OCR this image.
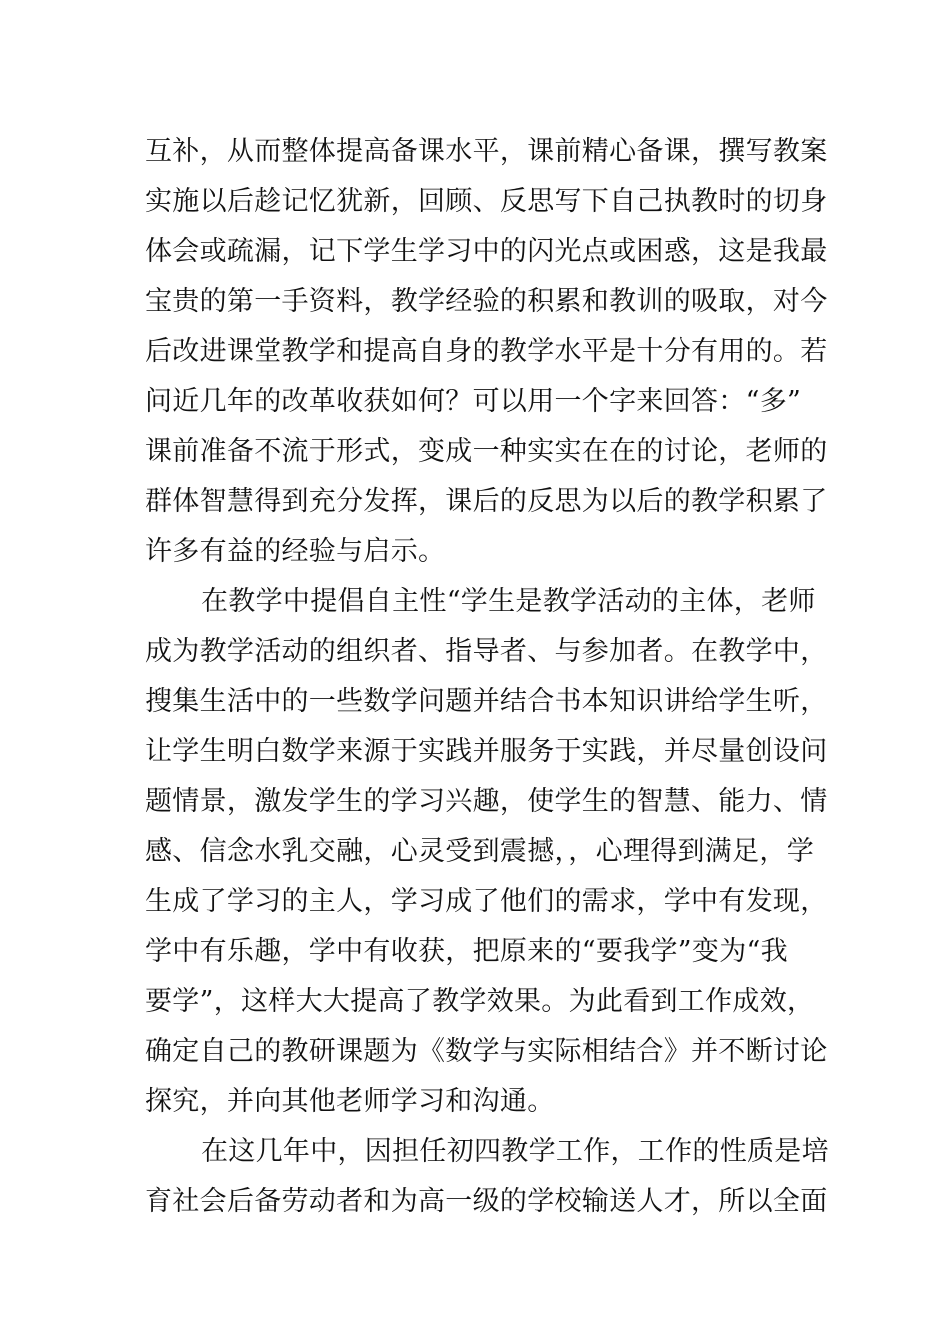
互补，从而整体提高备课水平，课前精心备课，撰写教案
实施以后趁记忆犹新，回顾、反思写下自己执教时的切身
体会或疏漏，记下学生学习中的闪光点或困惑，这是我最
宝贵的第一手资料，教学经验的积累和教训的吸取，对今
后改进课堂教学和提高自身的教学水平是十分有用的。若
问近几年的改革收获如何？可以用一个字来回答：“多”
课前准备不流于形式，变成一种实实在在的讨论，老师的
群体智慧得到充分发挥，课后的反思为以后的教学积累了
许多有益的经验与启示。
在教学中提倡自主性“学生是教学活动的主体，老师
成为教学活动的组织者、指导者、与参加者。在教学中，
搜集生活中的一些数学问题并结合书本知识讲给学生听，
让学生明白数学来源于实践并服务于实践，并尽量创设问
题情景，激发学生的学习兴趣，使学生的智慧、能力、情
感、信念水乳交融，心灵受到震撼，，心理得到满足，学
生成了学习的主人，学习成了他们的需求，学中有发现，
学中有乐趣，学中有收获，把原来的“要我学”变为“我
要学”，这样大大提高了教学效果。为此看到工作成效，
确定自己的教研课题为《数学与实际相结合》并不断讨论
探究，并向其他老师学习和沟通。
在这几年中，因担任初四教学工作，工作的性质是培
育社会后备劳动者和为高一级的学校输送人才，所以全面
